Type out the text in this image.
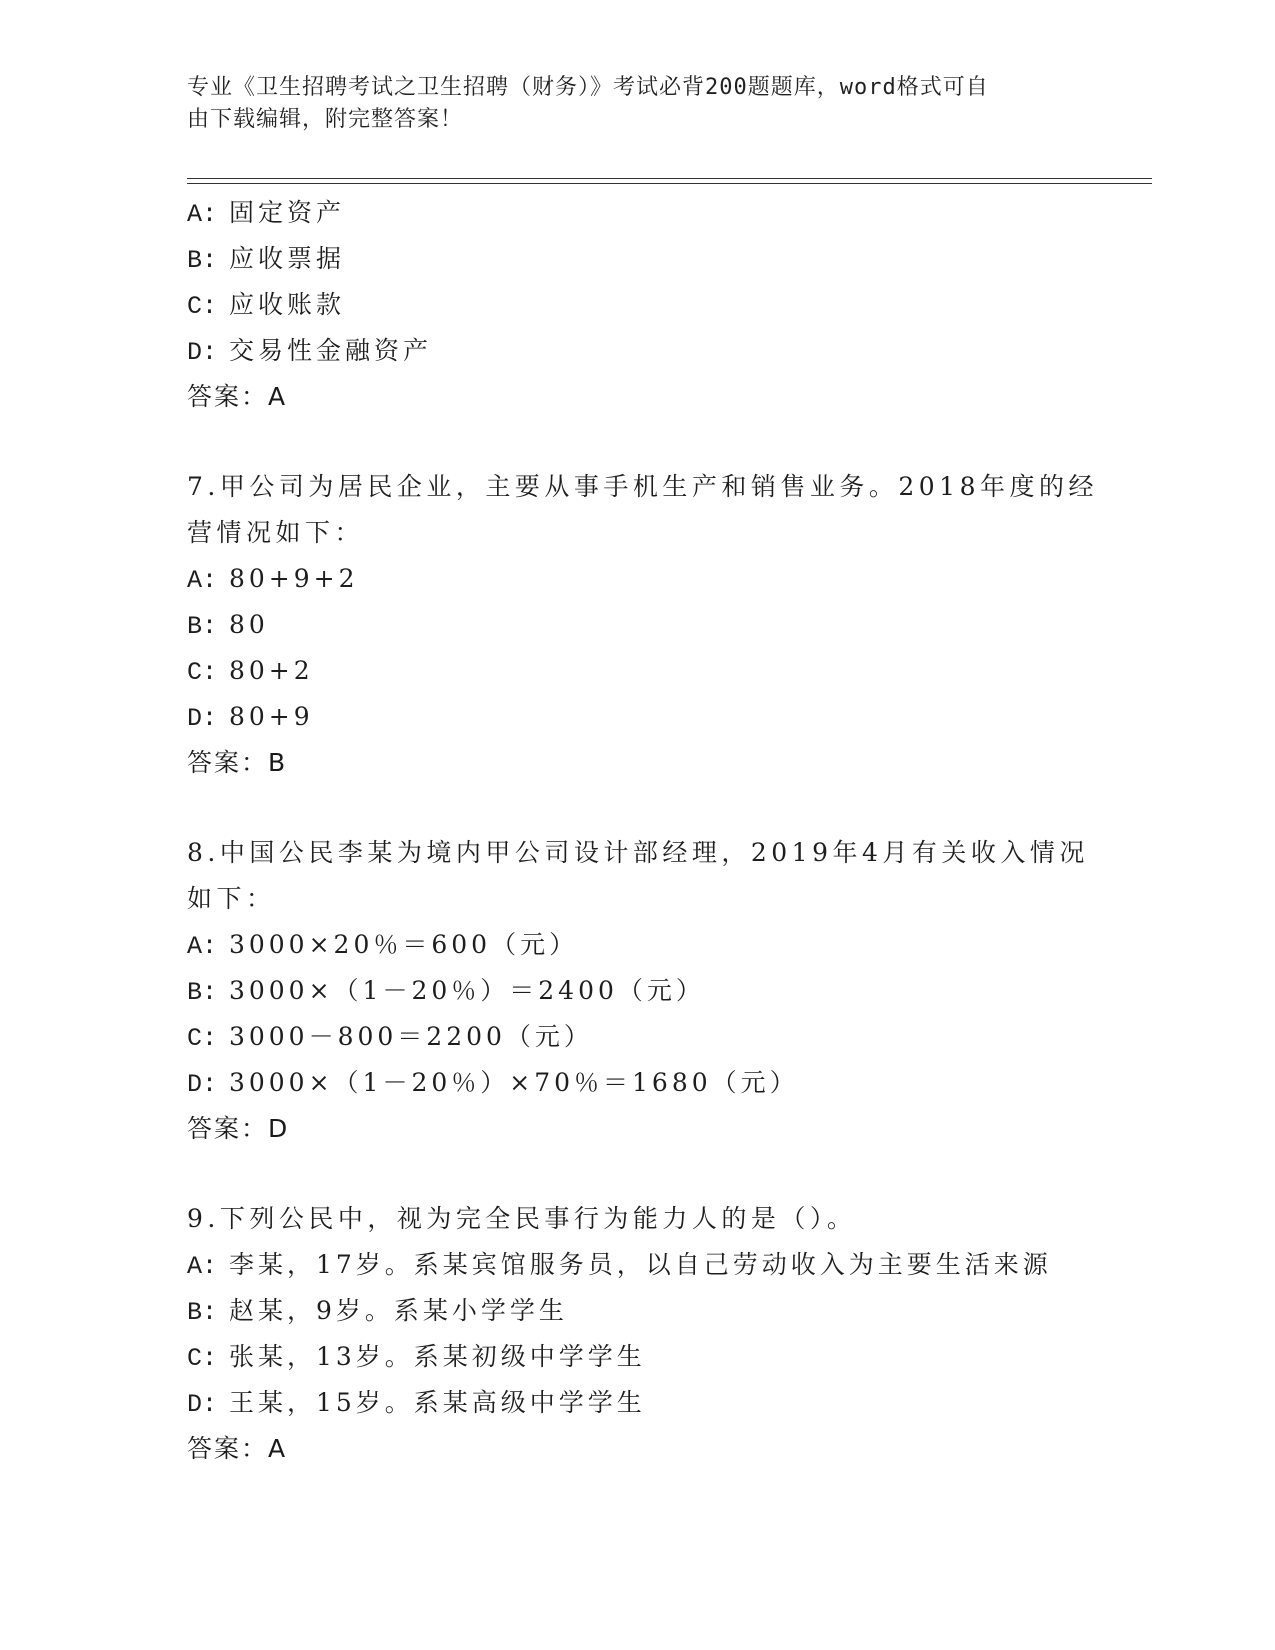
专业《卫生招聘考试之卫生招聘（财务）》考试必背200题题库，word格式可自
由下载编辑，附完整答案！
A: 固定资产
B: 应收票据
C: 应收账款
D: 交易性金融资产
答案：A
7.甲公司为居民企业，主要从事手机生产和销售业务。2018年度的经
营情况如下：
A: 80+9+2
B: 80
C: 80+2
D: 80+9
答案：B
8.中国公民李某为境内甲公司设计部经理，2019年4月有关收入情况
如下：
A: 3000×20％＝600（元）
B: 3000×（1－20％）＝2400（元）
C: 3000－800＝2200（元）
D: 3000×（1－20％）×70％＝1680（元）
答案：D
9.下列公民中，视为完全民事行为能力人的是（）。
A: 李某，17岁。系某宾馆服务员，以自己劳动收入为主要生活来源
B: 赵某，9岁。系某小学学生
C: 张某，13岁。系某初级中学学生
D: 王某，15岁。系某高级中学学生
答案：A
